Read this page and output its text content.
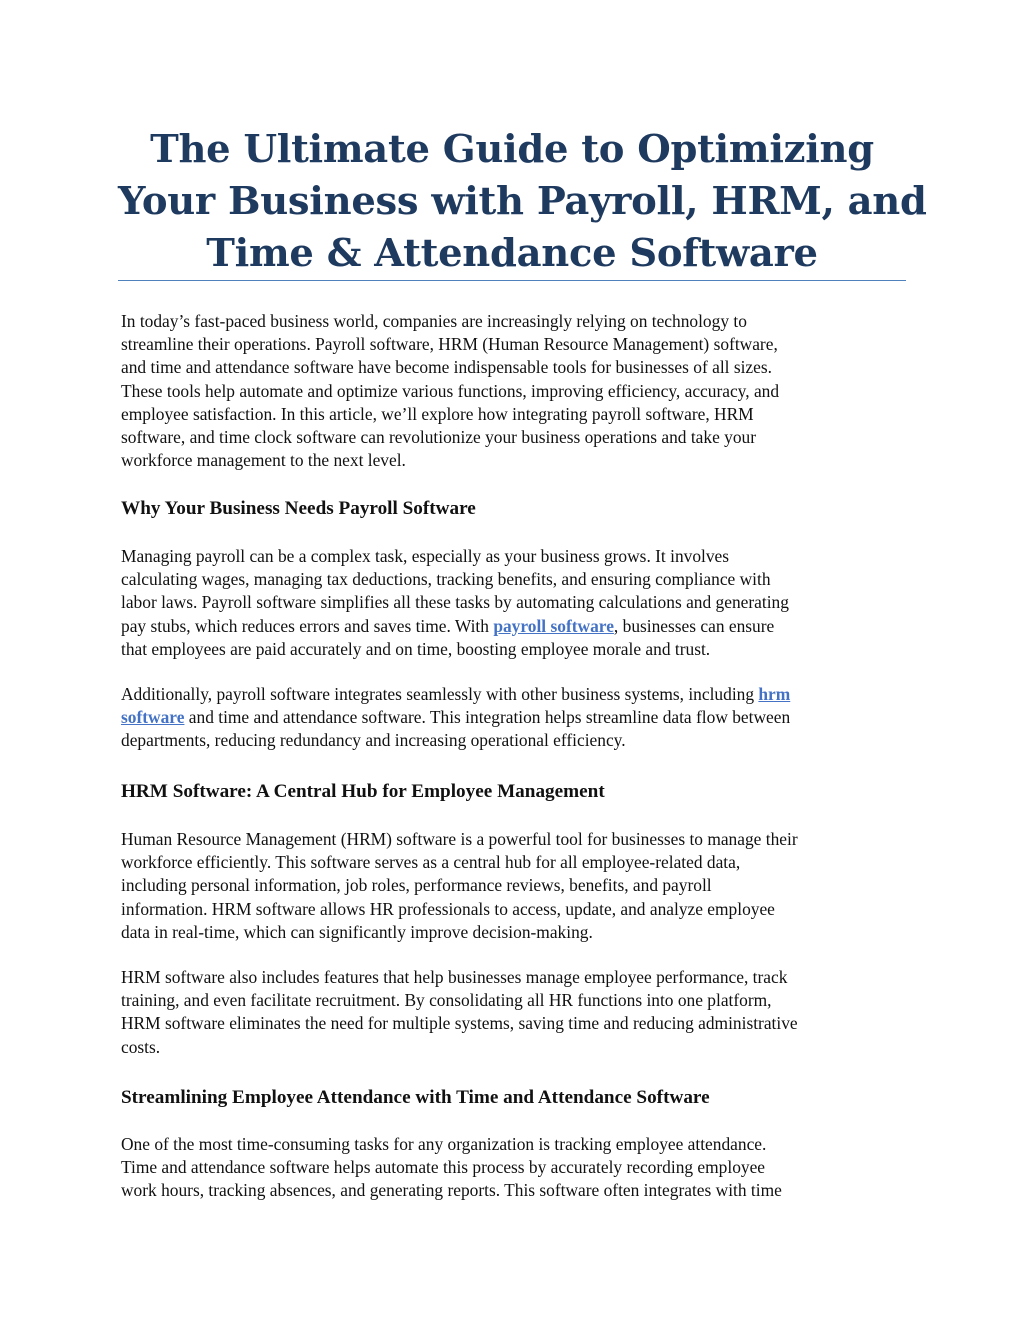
The Ultimate Guide to Optimizing
Your Business with Payroll, HRM, and
Time & Attendance Software

In today’s fast-paced business world, companies are increasingly relying on technology to
streamline their operations. Payroll software, HRM (Human Resource Management) software,
and time and attendance software have become indispensable tools for businesses of all sizes.
These tools help automate and optimize various functions, improving efficiency, accuracy, and
employee satisfaction. In this article, we’ll explore how integrating payroll software, HRM
software, and time clock software can revolutionize your business operations and take your
workforce management to the next level.

Why Your Business Needs Payroll Software

Managing payroll can be a complex task, especially as your business grows. It involves
calculating wages, managing tax deductions, tracking benefits, and ensuring compliance with
labor laws. Payroll software simplifies all these tasks by automating calculations and generating
pay stubs, which reduces errors and saves time. With payroll software, businesses can ensure
that employees are paid accurately and on time, boosting employee morale and trust.

Additionally, payroll software integrates seamlessly with other business systems, including hrm
software and time and attendance software. This integration helps streamline data flow between
departments, reducing redundancy and increasing operational efficiency.

HRM Software: A Central Hub for Employee Management

Human Resource Management (HRM) software is a powerful tool for businesses to manage their
workforce efficiently. This software serves as a central hub for all employee-related data,
including personal information, job roles, performance reviews, benefits, and payroll
information. HRM software allows HR professionals to access, update, and analyze employee
data in real-time, which can significantly improve decision-making.

HRM software also includes features that help businesses manage employee performance, track
training, and even facilitate recruitment. By consolidating all HR functions into one platform,
HRM software eliminates the need for multiple systems, saving time and reducing administrative
costs.

Streamlining Employee Attendance with Time and Attendance Software

One of the most time-consuming tasks for any organization is tracking employee attendance.
Time and attendance software helps automate this process by accurately recording employee
work hours, tracking absences, and generating reports. This software often integrates with time
